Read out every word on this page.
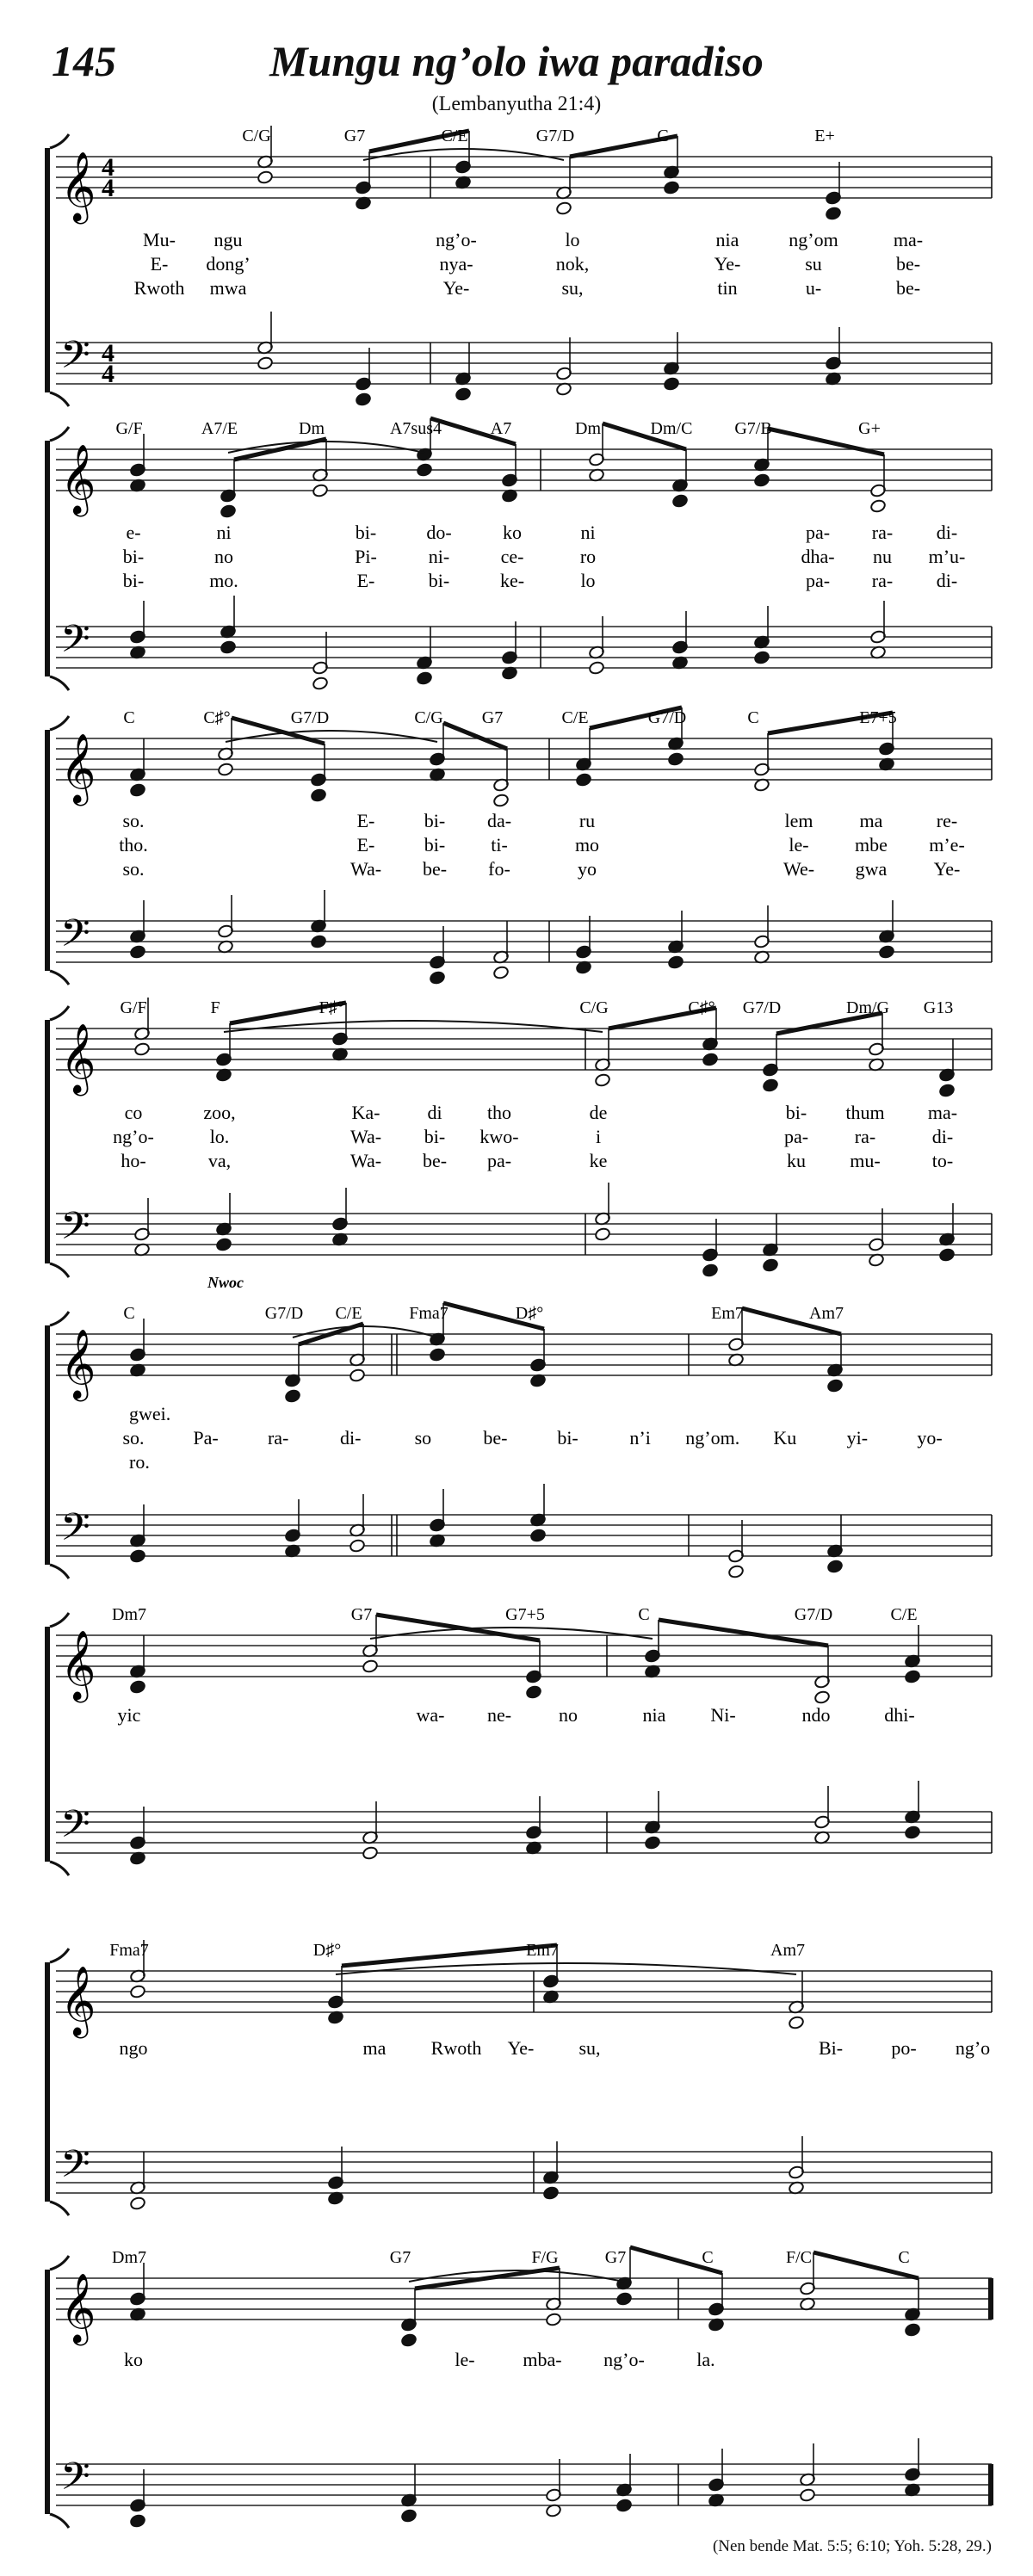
145	Mungu ng’olo iwa paradiso
(Lembanyutha 21:4)
𝄞
𝄢
4
4
4
4
C/G	G7	C/E	G7/D	C	E+
Mu- ngu	ng’o-	lo	nia	ng’om	ma-
E- dong’	nya-	nok,	Ye-	su	be-
Rwoth mwa	Ye-	su,	tin	u-	be-
𝄞
𝄢
G/F	A7/E	Dm	A7sus4	A7	Dm	Dm/C G7/B	G+
e-	ni	bi-	do-	ko	ni	pa- ra- di-
bi-	no	Pi-	ni-	ce-	ro	dha- nu m’u-
bi-	mo.	E-	bi-	ke-	lo	pa- ra- di-
𝄞
𝄢
C	C♯°	G7/D	C/G G7	C/E	G7/D	C	E7+5
so.	E-	bi- da-	ru	lem ma	re-
tho.	E-	bi- ti-	mo	le- mbe m’e-
so.	Wa- be- fo-	yo	We- gwa Ye-
𝄞
𝄢
G/F	F	F♯°	C/G	C♯° G7/D	Dm/G G13
co	zoo,	Ka- di tho	de	bi- thum ma-
ng’o-	lo.	Wa- bi- kwo-	i	pa- ra-	di-
ho-	va,	Wa- be- pa-	ke	ku mu-	to-
𝄞
𝄢
C	G7/D C/E	Fma7	D♯°	Em7	Am7
Nwoc
gwei.
so.	Pa-	ra-	di-	so	be-	bi-	n’i ng’om. Ku	yi-	yo-
ro.
𝄞
𝄢
Dm7	G7	G7+5	C	G7/D	C/E
yic	wa- ne- no	nia Ni-	ndo	dhi-
𝄞
𝄢
Fma7	D♯°	Em7	Am7
ngo	ma Rwoth Ye- su,	Bi-	po- ng’o
𝄞
𝄢
Dm7	G7	F/G	G7	C	F/C	C
ko	le-	mba- ng’o-	la.
(Nen bende Mat. 5:5; 6:10; Yoh. 5:28, 29.)
